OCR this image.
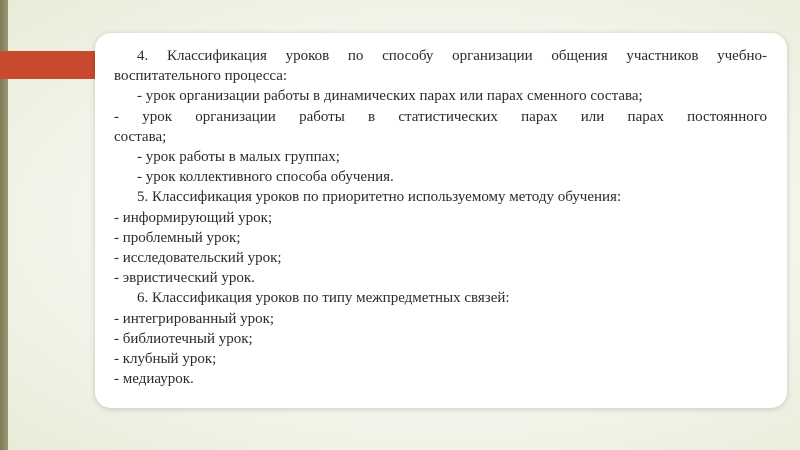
4. Классификация уроков по способу организации общения участников учебно-

воспитательного процесса:

- урок организации работы в динамических парах или парах сменного состава;

- урок организации работы в статистических парах или парах постоянного

состава;

- урок работы в малых группах;

- урок коллективного способа обучения.

5. Классификация уроков по приоритетно используемому методу обучения:

- информирующий урок;

- проблемный урок;

- исследовательский урок;

- эвристический урок.

6. Классификация уроков по типу межпредметных связей:

- интегрированный урок;

- библиотечный урок;

- клубный урок;

- медиаурок.
